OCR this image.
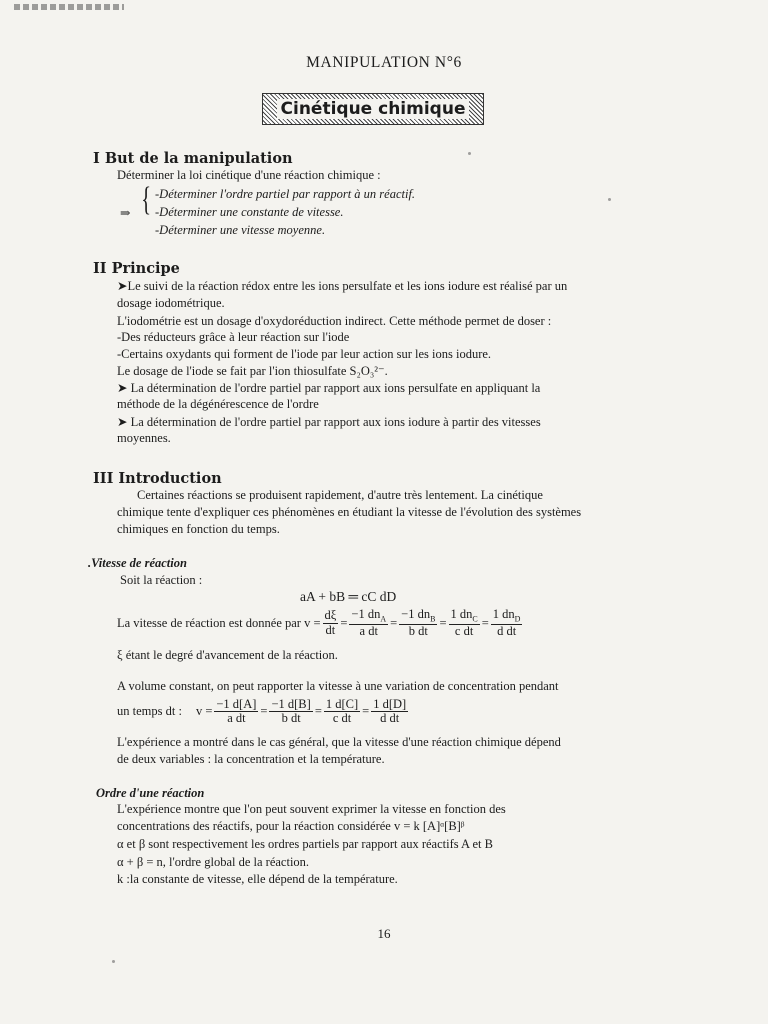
MANIPULATION N°6
Cinétique chimique
I But de la manipulation
Déterminer la loi cinétique d'une réaction chimique :
{
⇒
-Déterminer l'ordre partiel par rapport à un réactif.
-Déterminer une constante de vitesse.
-Déterminer une vitesse moyenne.
II Principe
➤Le suivi de la réaction rédox entre les ions persulfate et les ions iodure est réalisé par un
dosage iodométrique.
L'iodométrie est un dosage d'oxydoréduction indirect. Cette méthode permet de doser :
-Des réducteurs grâce à leur réaction sur l'iode
-Certains oxydants qui forment de l'iode par leur action sur les ions iodure.
Le dosage de l'iode se fait par l'ion thiosulfate S₂O₃²⁻.
➤ La détermination de l'ordre partiel par rapport aux ions persulfate en appliquant la
méthode de la dégénérescence de l'ordre
➤ La détermination de l'ordre partiel par rapport aux ions iodure à partir des vitesses
moyennes.
III Introduction
Certaines réactions se produisent rapidement, d'autre très lentement. La cinétique
chimique tente d'expliquer ces phénomènes en étudiant la vitesse de l'évolution des systèmes
chimiques en fonction du temps.
.Vitesse de réaction
Soit la réaction :
aA + bB ═ cC dD
La vitesse de réaction est donnée par $v = \frac{d\xi}{dt} = \frac{-1 dn_A}{\text{a dt}} = \frac{-1 dn_B}{\text{b dt}} = \frac{1 dn_C}{\text{c dt}} = \frac{1 dn_D}{\text{d dt}}$
ξ étant le degré d'avancement de la réaction.
A volume constant, on peut rapporter la vitesse à une variation de concentration pendant
un temps dt : $v = \frac{-1 d[A]}{\text{a dt}} = \frac{-1 d[B]}{\text{b dt}} = \frac{1 d[C]}{\text{c dt}} = \frac{1 d[D]}{\text{d dt}}$
L'expérience a montré dans le cas général, que la vitesse d'une réaction chimique dépend
de deux variables : la concentration et la température.
Ordre d'une réaction
L'expérience montre que l'on peut souvent exprimer la vitesse en fonction des
concentrations des réactifs, pour la réaction considérée v = k [A]ᵅ[B]ᵝ
α et β sont respectivement les ordres partiels par rapport aux réactifs A et B
α + β = n, l'ordre global de la réaction.
k :la constante de vitesse, elle dépend de la température.
16
